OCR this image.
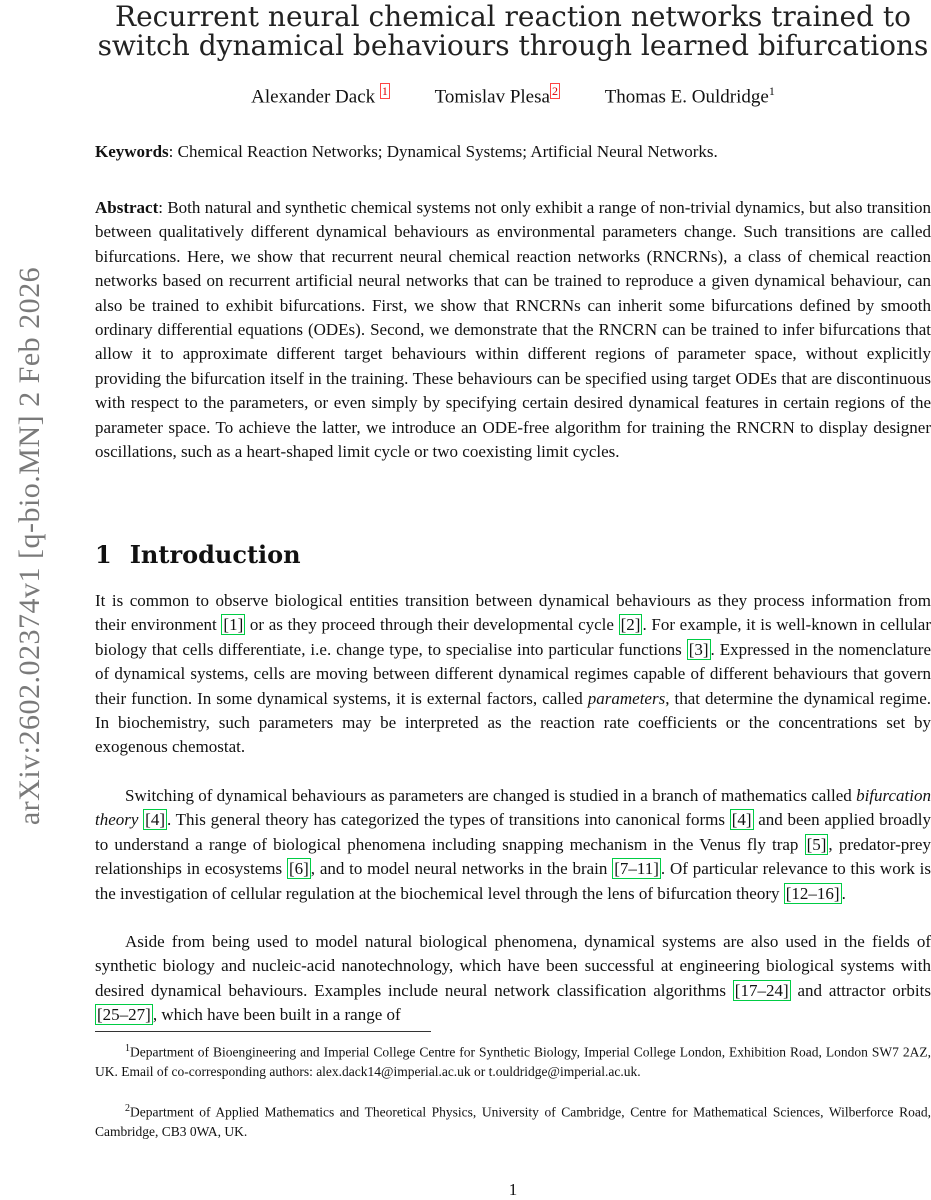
arXiv:2602.02374v1 [q-bio.MN] 2 Feb 2026
Recurrent neural chemical reaction networks trained to
switch dynamical behaviours through learned bifurcations
Alexander Dack $^1$ Tomislav Plesa $^2$ Thomas E. Ouldridge$^1$

Keywords: Chemical Reaction Networks; Dynamical Systems; Artificial Neural Networks.

Abstract: Both natural and synthetic chemical systems not only exhibit a range of non-trivial dynamics, but also transition between qualitatively different dynamical behaviours as environmental parameters change. Such transitions are called bifurcations. Here, we show that recurrent neural chemical reaction networks (RNCRNs), a class of chemical reaction networks based on recurrent artificial neural networks that can be trained to reproduce a given dynamical behaviour, can also be trained to exhibit bifurcations. First, we show that RNCRNs can inherit some bifurcations defined by smooth ordinary differential equations (ODEs). Second, we demonstrate that the RNCRN can be trained to infer bifurcations that allow it to approximate different target behaviours within different regions of parameter space, without explicitly providing the bifurcation itself in the training. These behaviours can be specified using target ODEs that are discontinuous with respect to the parameters, or even simply by specifying certain desired dynamical features in certain regions of the parameter space. To achieve the latter, we introduce an ODE-free algorithm for training the RNCRN to display designer oscillations, such as a heart-shaped limit cycle or two coexisting limit cycles.

1 Introduction

It is common to observe biological entities transition between dynamical behaviours as they process information from their environment [1] or as they proceed through their developmental cycle [2] . For example, it is well-known in cellular biology that cells differentiate, i.e. change type, to specialise into particular functions [3] . Expressed in the nomenclature of dynamical systems, cells are moving between different dynamical regimes capable of different behaviours that govern their function. In some dynamical systems, it is external factors, called parameters, that determine the dynamical regime. In biochemistry, such parameters may be interpreted as the reaction rate coefficients or the concentrations set by exogenous chemostat.

Switching of dynamical behaviours as parameters are changed is studied in a branch of mathematics called bifurcation theory [4] . This general theory has categorized the types of transitions into canonical forms [4] and been applied broadly to understand a range of biological phenomena including snapping mechanism in the Venus fly trap [5] , predator-prey relationships in ecosystems [6] , and to model neural networks in the brain [7–11] . Of particular relevance to this work is the investigation of cellular regulation at the biochemical level through the lens of bifurcation theory [12–16] .

Aside from being used to model natural biological phenomena, dynamical systems are also used in the fields of synthetic biology and nucleic-acid nanotechnology, which have been successful at engineering biological systems with desired dynamical behaviours. Examples include neural network classification algorithms [17–24] and attractor orbits [25–27] , which have been built in a range of

$^1$Department of Bioengineering and Imperial College Centre for Synthetic Biology, Imperial College London, Exhibition Road, London SW7 2AZ, UK. Email of co-corresponding authors: alex.dack14@imperial.ac.uk or t.ouldridge@imperial.ac.uk.

$^2$Department of Applied Mathematics and Theoretical Physics, University of Cambridge, Centre for Mathematical Sciences, Wilberforce Road, Cambridge, CB3 0WA, UK.

1
